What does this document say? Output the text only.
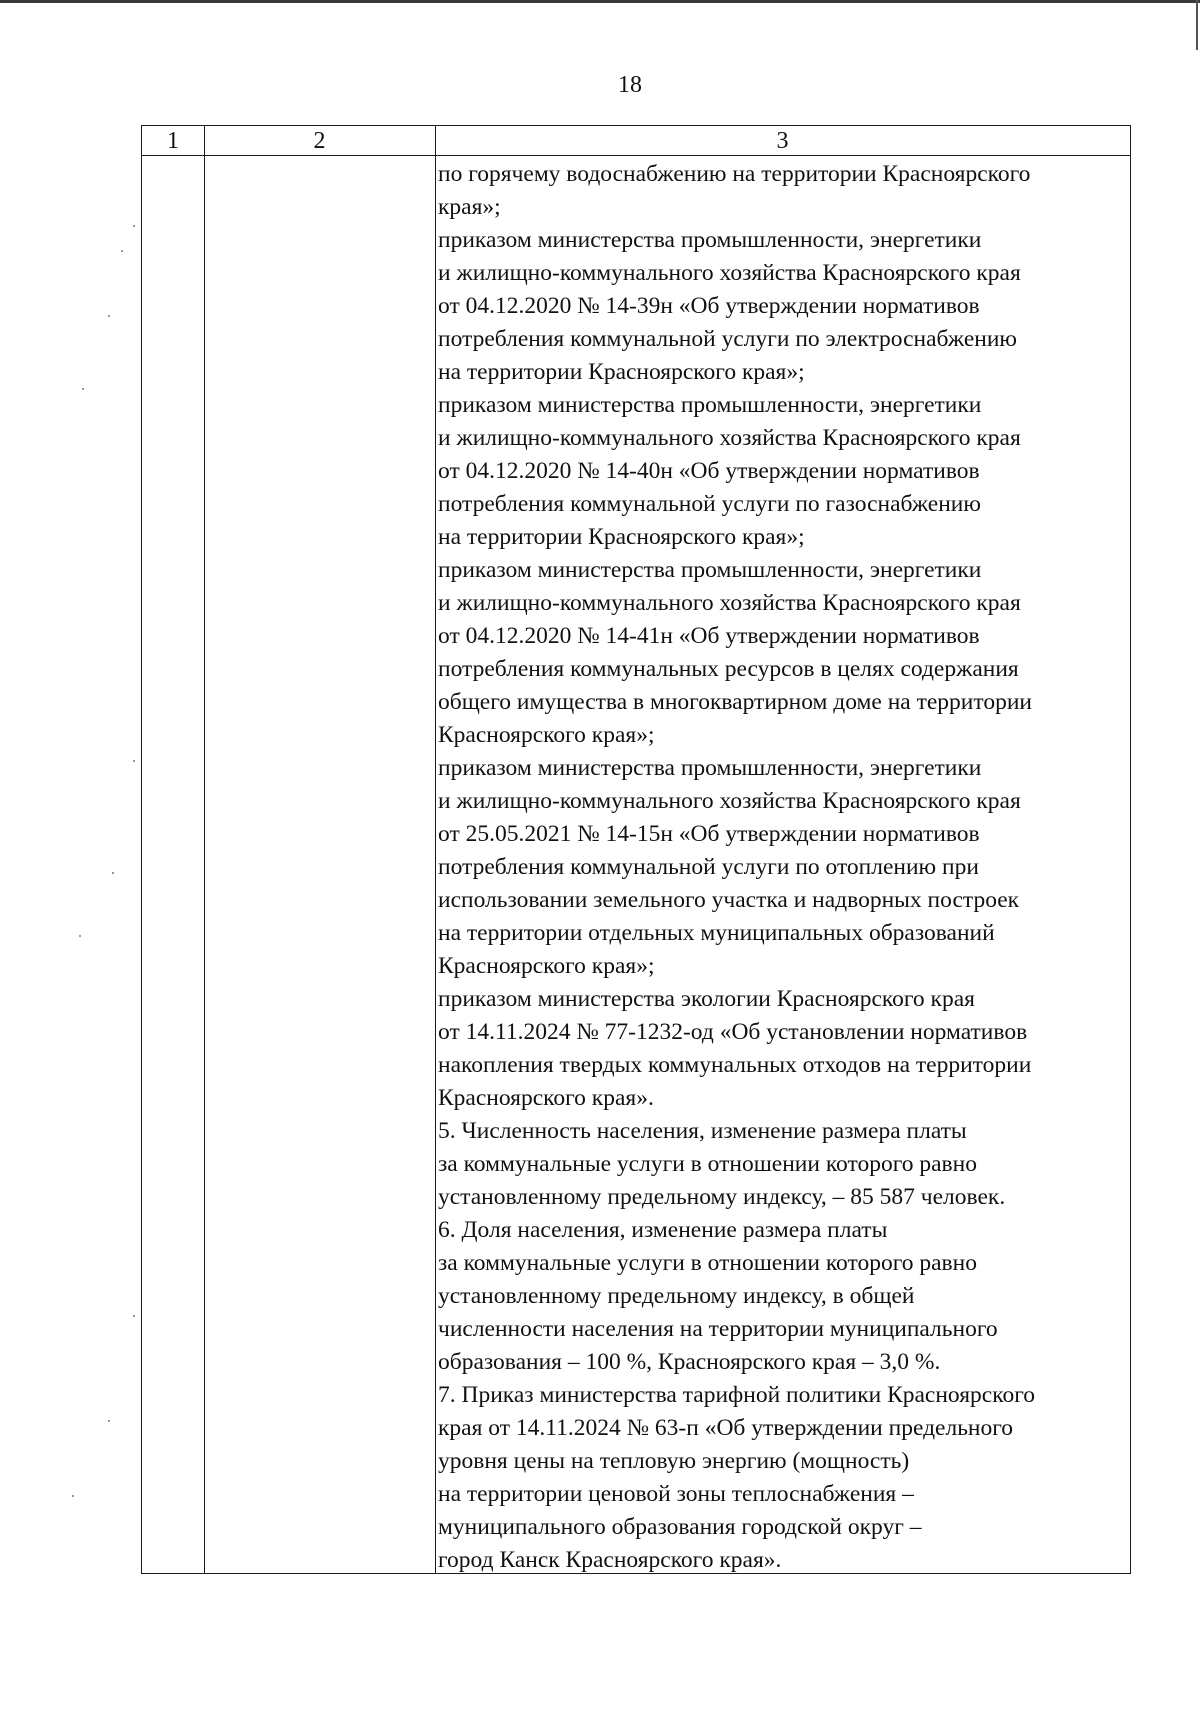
18
1	2	3
по горячему водоснабжению на территории Красноярского
края»;
приказом министерства промышленности, энергетики
и жилищно-коммунального хозяйства Красноярского края
от 04.12.2020 № 14-39н «Об утверждении нормативов
потребления коммунальной услуги по электроснабжению
на территории Красноярского края»;
приказом министерства промышленности, энергетики
и жилищно-коммунального хозяйства Красноярского края
от 04.12.2020 № 14-40н «Об утверждении нормативов
потребления коммунальной услуги по газоснабжению
на территории Красноярского края»;
приказом министерства промышленности, энергетики
и жилищно-коммунального хозяйства Красноярского края
от 04.12.2020 № 14-41н «Об утверждении нормативов
потребления коммунальных ресурсов в целях содержания
общего имущества в многоквартирном доме на территории
Красноярского края»;
приказом министерства промышленности, энергетики
и жилищно-коммунального хозяйства Красноярского края
от 25.05.2021 № 14-15н «Об утверждении нормативов
потребления коммунальной услуги по отоплению при
использовании земельного участка и надворных построек
на территории отдельных муниципальных образований
Красноярского края»;
приказом министерства экологии Красноярского края
от 14.11.2024 № 77-1232-од «Об установлении нормативов
накопления твердых коммунальных отходов на территории
Красноярского края».
5. Численность населения, изменение размера платы
за коммунальные услуги в отношении которого равно
установленному предельному индексу, – 85 587 человек.
6. Доля населения, изменение размера платы
за коммунальные услуги в отношении которого равно
установленному предельному индексу, в общей
численности населения на территории муниципального
образования – 100 %, Красноярского края – 3,0 %.
7. Приказ министерства тарифной политики Красноярского
края от 14.11.2024 № 63-п «Об утверждении предельного
уровня цены на тепловую энергию (мощность)
на территории ценовой зоны теплоснабжения –
муниципального образования городской округ –
город Канск Красноярского края».
